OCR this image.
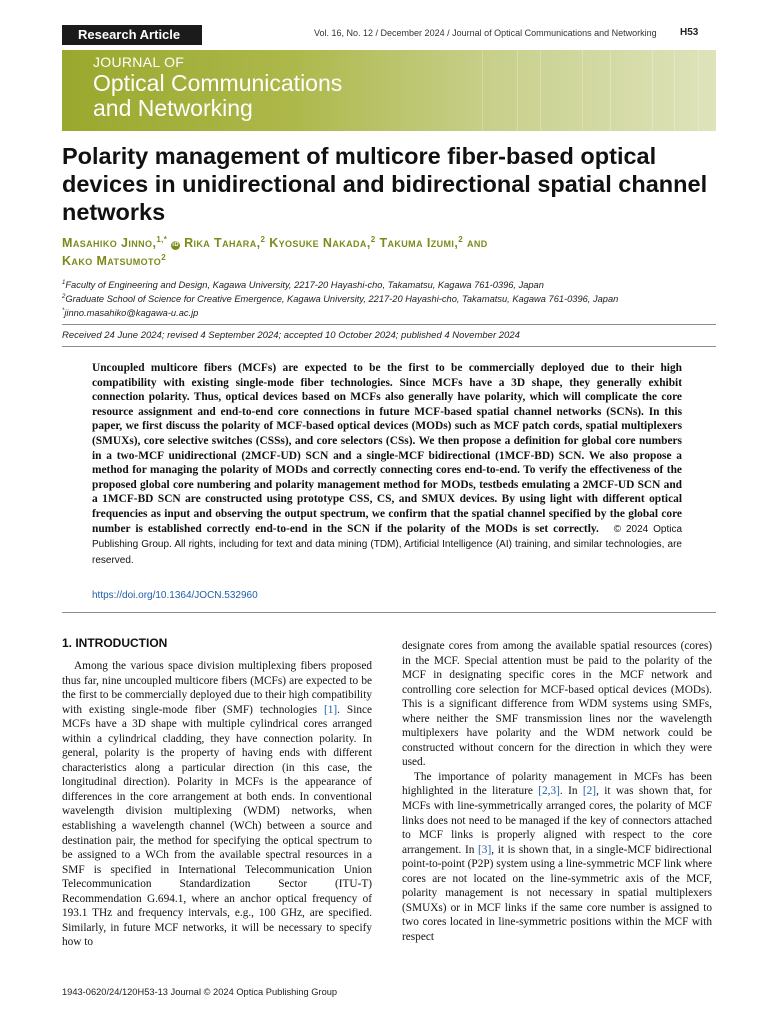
Research Article	Vol. 16, No. 12 / December 2024 / Journal of Optical Communications and Networking	H53
JOURNAL OF
Optical Communications
and Networking
Polarity management of multicore fiber-based optical devices in unidirectional and bidirectional spatial channel networks
Masahiko Jinno,$^{1,*}$ iD Rika Tahara,$^2$ Kyosuke Nakada,$^2$ Takuma Izumi,$^2$ and
Kako Matsumoto$^2$
$^1$Faculty of Engineering and Design, Kagawa University, 2217-20 Hayashi-cho, Takamatsu, Kagawa 761-0396, Japan
$^2$Graduate School of Science for Creative Emergence, Kagawa University, 2217-20 Hayashi-cho, Takamatsu, Kagawa 761-0396, Japan
*jinno.masahiko@kagawa-u.ac.jp
Received 24 June 2024; revised 4 September 2024; accepted 10 October 2024; published 4 November 2024
Uncoupled multicore fibers (MCFs) are expected to be the first to be commercially deployed due to their high compatibility with existing single-mode fiber technologies. Since MCFs have a 3D shape, they generally exhibit connection polarity. Thus, optical devices based on MCFs also generally have polarity, which will complicate the core resource assignment and end-to-end core connections in future MCF-based spatial channel networks (SCNs). In this paper, we first discuss the polarity of MCF-based optical devices (MODs) such as MCF patch cords, spatial multiplexers (SMUXs), core selective switches (CSSs), and core selectors (CSs). We then propose a definition for global core numbers in a two-MCF unidirectional (2MCF-UD) SCN and a single-MCF bidirectional (1MCF-BD) SCN. We also propose a method for managing the polarity of MODs and correctly connecting cores end-to-end. To verify the effectiveness of the proposed global core numbering and polarity management method for MODs, testbeds emulating a 2MCF-UD SCN and a 1MCF-BD SCN are constructed using prototype CSS, CS, and SMUX devices. By using light with different optical frequencies as input and observing the output spectrum, we confirm that the spatial channel specified by the global core number is established correctly end-to-end in the SCN if the polarity of the MODs is set correctly. © 2024 Optica Publishing Group. All rights, including for text and data mining (TDM), Artificial Intelligence (AI) training, and similar technologies, are reserved.
https://doi.org/10.1364/JOCN.532960
1. INTRODUCTION

Among the various space division multiplexing fibers proposed thus far, nine uncoupled multicore fibers (MCFs) are expected to be the first to be commercially deployed due to their high compatibility with existing single-mode fiber (SMF) technologies [1]. Since MCFs have a 3D shape with multiple cylindrical cores arranged within a cylindrical cladding, they have connection polarity. In general, polarity is the property of having ends with different characteristics along a particular direction (in this case, the longitudinal direction). Polarity in MCFs is the appearance of differences in the core arrangement at both ends. In conventional wavelength division multiplexing (WDM) networks, when establishing a wavelength channel (WCh) between a source and destination pair, the method for specifying the optical spectrum to be assigned to a WCh from the available spectral resources in a SMF is specified in International Telecommunication Union Telecommunication Standardization Sector (ITU-T) Recommendation G.694.1, where an anchor optical frequency of 193.1 THz and frequency intervals, e.g., 100 GHz, are specified. Similarly, in future MCF networks, it will be necessary to specify how to

designate cores from among the available spatial resources (cores) in the MCF. Special attention must be paid to the polarity of the MCF in designating specific cores in the MCF network and controlling core selection for MCF-based optical devices (MODs). This is a significant difference from WDM systems using SMFs, where neither the SMF transmission lines nor the wavelength multiplexers have polarity and the WDM network could be constructed without concern for the direction in which they were used.

The importance of polarity management in MCFs has been highlighted in the literature [2,3]. In [2], it was shown that, for MCFs with line-symmetrically arranged cores, the polarity of MCF links does not need to be managed if the key of connectors attached to MCF links is properly aligned with respect to the core arrangement. In [3], it is shown that, in a single-MCF bidirectional point-to-point (P2P) system using a line-symmetric MCF link where cores are not located on the line-symmetric axis of the MCF, polarity management is not necessary in spatial multiplexers (SMUXs) or in MCF links if the same core number is assigned to two cores located in line-symmetric positions within the MCF with respect

1943-0620/24/120H53-13 Journal © 2024 Optica Publishing Group
